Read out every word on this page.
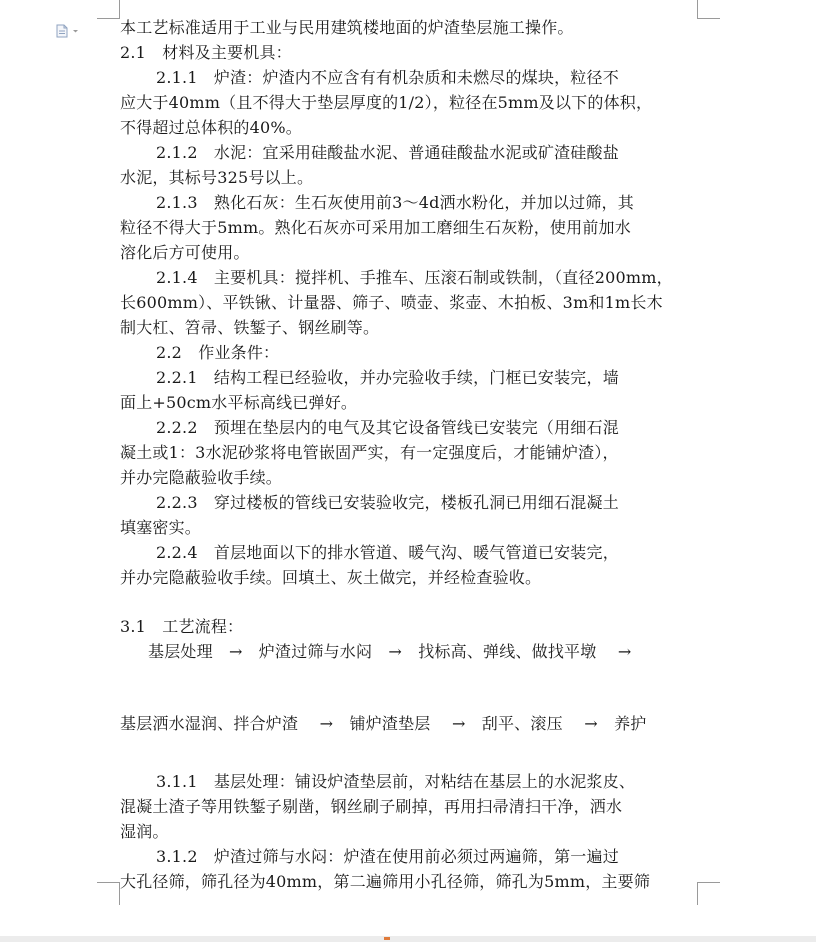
本工艺标准适用于工业与民用建筑楼地面的炉渣垫层施工操作。
2.1　材料及主要机具：
2.1.1　炉渣：炉渣内不应含有有机杂质和未燃尽的煤块，粒径不
应大于40mm（且不得大于垫层厚度的1/2），粒径在5mm及以下的体积，
不得超过总体积的40%。
2.1.2　水泥：宜采用硅酸盐水泥、普通硅酸盐水泥或矿渣硅酸盐
水泥，其标号325号以上。
2.1.3　熟化石灰：生石灰使用前3～4d洒水粉化，并加以过筛，其
粒径不得大于5mm。熟化石灰亦可采用加工磨细生石灰粉，使用前加水
溶化后方可使用。
2.1.4　主要机具：搅拌机、手推车、压滚石制或铁制，（直径200mm，
长600mm）、平铁锹、计量器、筛子、喷壶、浆壶、木拍板、3m和1m长木
制大杠、笤帚、铁錾子、钢丝刷等。
2.2　作业条件：
2.2.1　结构工程已经验收，并办完验收手续，门框已安装完，墙
面上+50cm水平标高线已弹好。
2.2.2　预埋在垫层内的电气及其它设备管线已安装完（用细石混
凝土或1：3水泥砂浆将电管嵌固严实，有一定强度后，才能铺炉渣），
并办完隐蔽验收手续。
2.2.3　穿过楼板的管线已安装验收完，楼板孔洞已用细石混凝土
填塞密实。
2.2.4　首层地面以下的排水管道、暖气沟、暖气管道已安装完，
并办完隐蔽验收手续。回填土、灰土做完，并经检查验收。
3.1　工艺流程：
基层处理　→　炉渣过筛与水闷　→　找标高、弹线、做找平墩　 →
基层洒水湿润、拌合炉渣　 →　铺炉渣垫层　 →　刮平、滚压　 →　养护
3.1.1　基层处理：铺设炉渣垫层前，对粘结在基层上的水泥浆皮、
混凝土渣子等用铁錾子剔凿，钢丝刷子刷掉，再用扫帚清扫干净，洒水
湿润。
3.1.2　炉渣过筛与水闷：炉渣在使用前必须过两遍筛，第一遍过
大孔径筛，筛孔径为40mm，第二遍筛用小孔径筛，筛孔为5mm，主要筛
